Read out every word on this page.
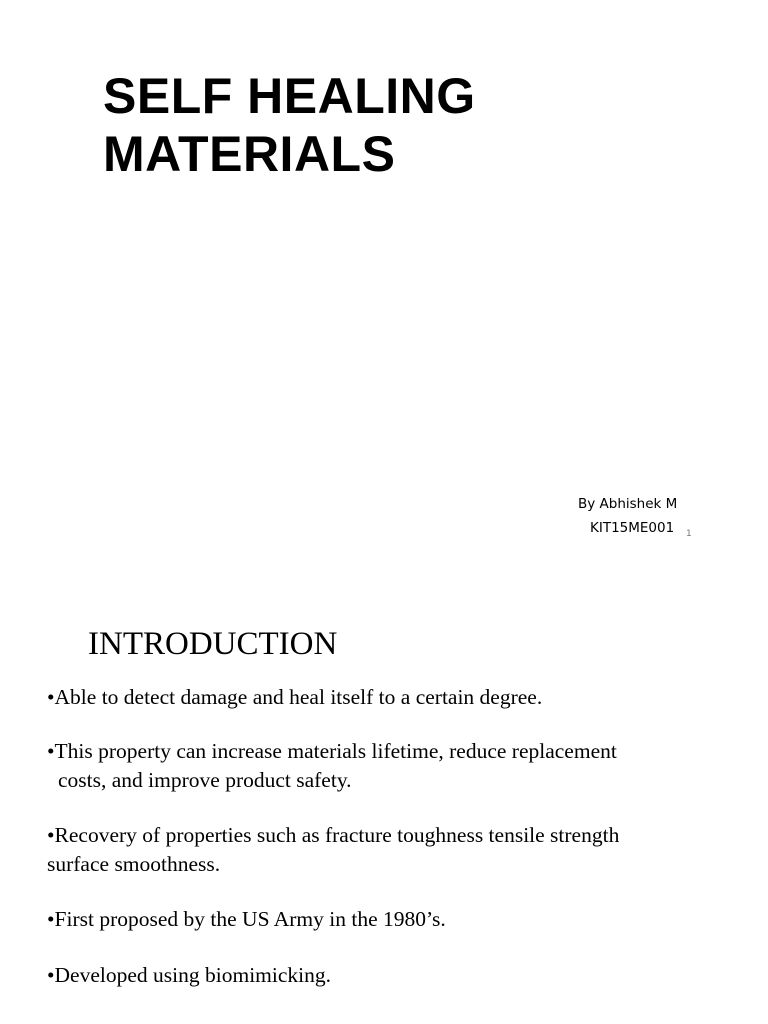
SELF HEALING
MATERIALS
By Abhishek M
KIT15ME001 1
INTRODUCTION
•Able to detect damage and heal itself to a certain degree.
•This property can increase materials lifetime, reduce replacement
costs, and improve product safety.
•Recovery of properties such as fracture toughness tensile strength
surface smoothness.
•First proposed by the US Army in the 1980’s.
•Developed using biomimicking.
